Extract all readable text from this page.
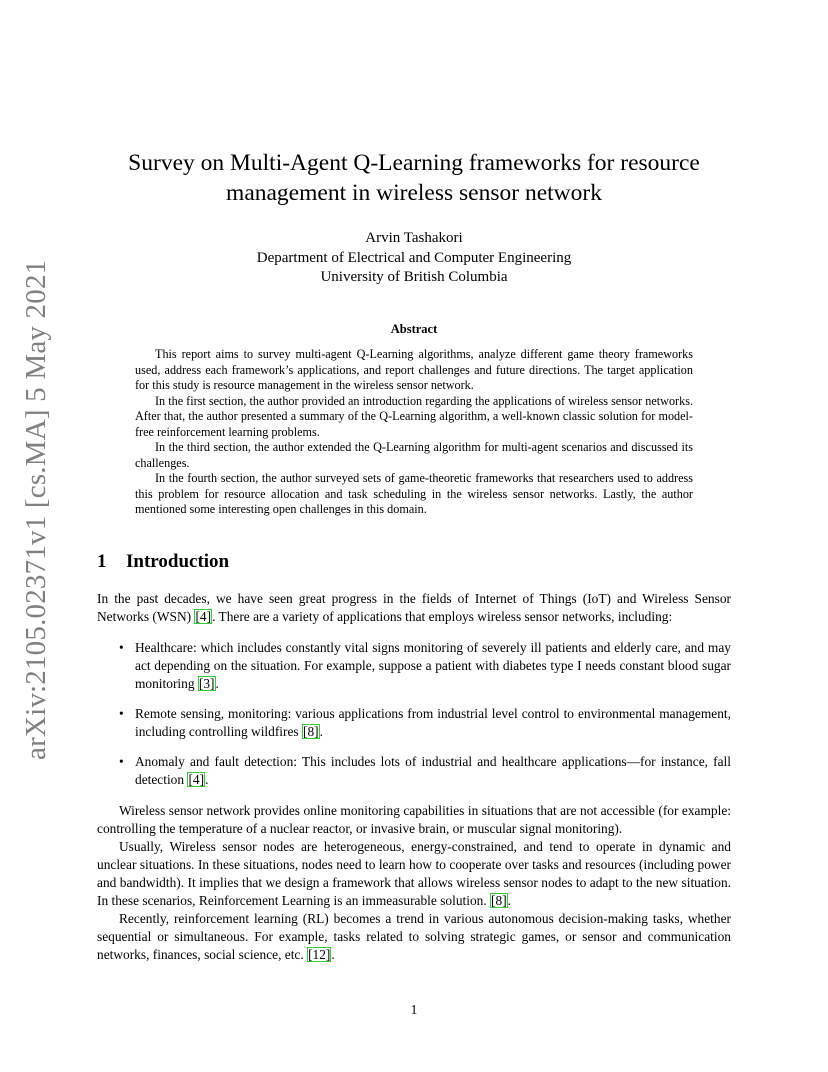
arXiv:2105.02371v1 [cs.MA] 5 May 2021
Survey on Multi-Agent Q-Learning frameworks for resource
management in wireless sensor network
Arvin Tashakori
Department of Electrical and Computer Engineering
University of British Columbia
Abstract

This report aims to survey multi-agent Q-Learning algorithms, analyze different game theory frameworks used, address each framework’s applications, and report challenges and future directions. The target application for this study is resource management in the wireless sensor network.

In the first section, the author provided an introduction regarding the applications of wireless sensor networks. After that, the author presented a summary of the Q-Learning algorithm, a well-known classic solution for model-free reinforcement learning problems.

In the third section, the author extended the Q-Learning algorithm for multi-agent scenarios and discussed its challenges.

In the fourth section, the author surveyed sets of game-theoretic frameworks that researchers used to address this problem for resource allocation and task scheduling in the wireless sensor networks. Lastly, the author mentioned some interesting open challenges in this domain.

1 Introduction

In the past decades, we have seen great progress in the fields of Internet of Things (IoT) and Wireless Sensor Networks (WSN) [4]. There are a variety of applications that employs wireless sensor networks, including:

• Healthcare: which includes constantly vital signs monitoring of severely ill patients and elderly care, and may act depending on the situation. For example, suppose a patient with diabetes type I needs constant blood sugar monitoring [3].
• Remote sensing, monitoring: various applications from industrial level control to environmental management, including controlling wildfires [8].
• Anomaly and fault detection: This includes lots of industrial and healthcare applications—for instance, fall detection [4].

Wireless sensor network provides online monitoring capabilities in situations that are not accessible (for example: controlling the temperature of a nuclear reactor, or invasive brain, or muscular signal monitoring).

Usually, Wireless sensor nodes are heterogeneous, energy-constrained, and tend to operate in dynamic and unclear situations. In these situations, nodes need to learn how to cooperate over tasks and resources (including power and bandwidth). It implies that we design a framework that allows wireless sensor nodes to adapt to the new situation. In these scenarios, Reinforcement Learning is an immeasurable solution. [8].

Recently, reinforcement learning (RL) becomes a trend in various autonomous decision-making tasks, whether sequential or simultaneous. For example, tasks related to solving strategic games, or sensor and communication networks, finances, social science, etc. [12].

1
